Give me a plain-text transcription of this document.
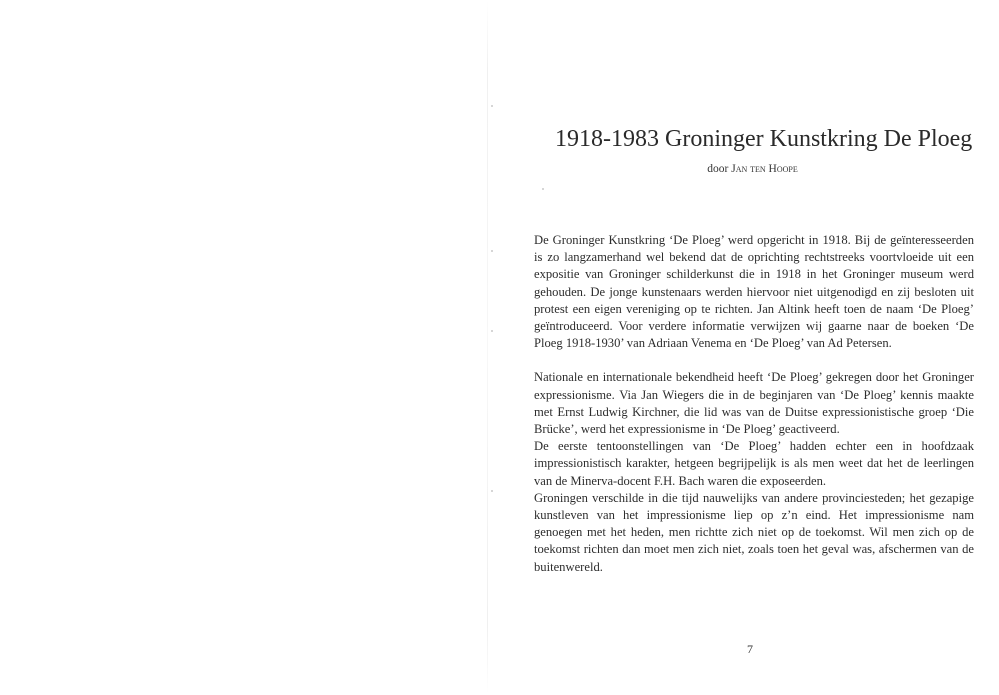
1918-1983 Groninger Kunstkring De Ploeg
door Jan ten Hoope

De Groninger Kunstkring ‘De Ploeg’ werd opgericht in 1918. Bij de geïnteresseerden is zo langzamerhand wel bekend dat de oprichting rechtstreeks voortvloeide uit een expositie van Groninger schilderkunst die in 1918 in het Groninger museum werd gehouden. De jonge kunstenaars werden hiervoor niet uitgenodigd en zij besloten uit protest een eigen vereniging op te richten. Jan Altink heeft toen de naam ‘De Ploeg’ geïntroduceerd. Voor verdere informatie verwijzen wij gaarne naar de boeken ‘De Ploeg 1918-1930’ van Adriaan Venema en ‘De Ploeg’ van Ad Petersen.

Nationale en internationale bekendheid heeft ‘De Ploeg’ gekregen door het Groninger expressionisme. Via Jan Wiegers die in de beginjaren van ‘De Ploeg’ kennis maakte met Ernst Ludwig Kirchner, die lid was van de Duitse expressionistische groep ‘Die Brücke’, werd het expressionisme in ‘De Ploeg’ geactiveerd.

De eerste tentoonstellingen van ‘De Ploeg’ hadden echter een in hoofdzaak impressionistisch karakter, hetgeen begrijpelijk is als men weet dat het de leerlingen van de Minerva-docent F.H. Bach waren die exposeerden.

Groningen verschilde in die tijd nauwelijks van andere provinciesteden; het gezapige kunstleven van het impressionisme liep op z’n eind. Het impressionisme nam genoegen met het heden, men richtte zich niet op de toekomst. Wil men zich op de toekomst richten dan moet men zich niet, zoals toen het geval was, afschermen van de buitenwereld.

7
